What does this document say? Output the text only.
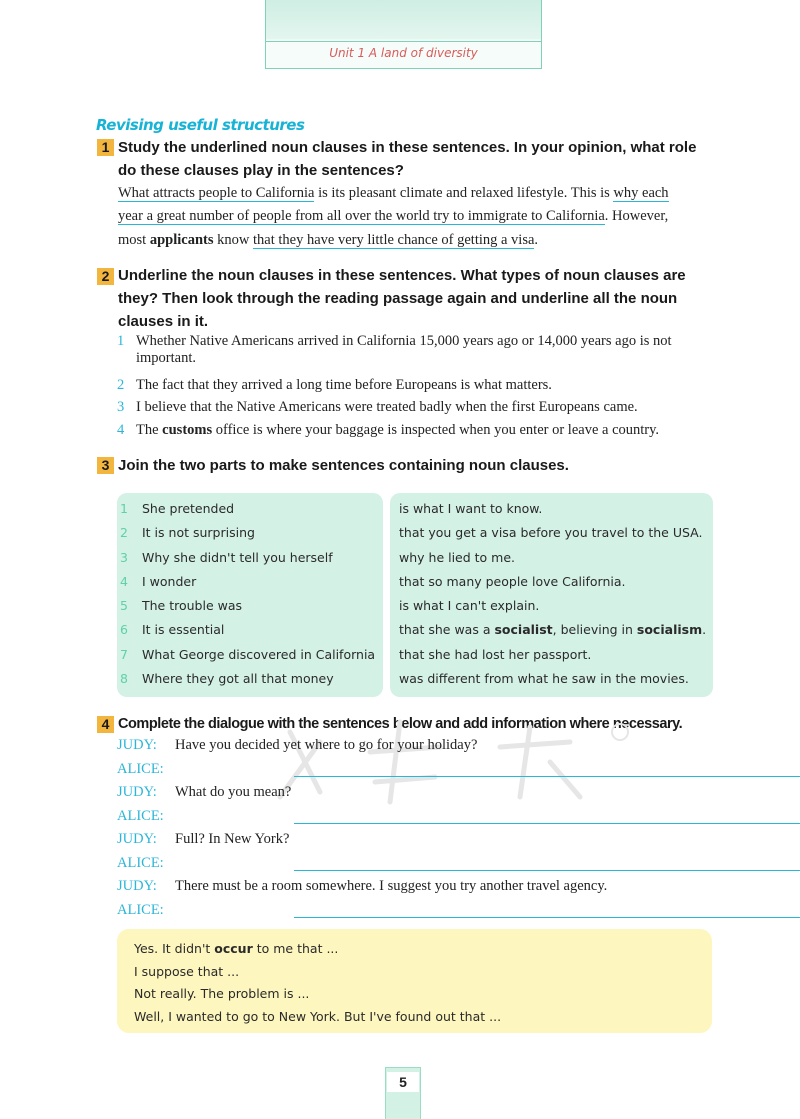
Unit 1 A land of diversity
Revising useful structures
1 Study the underlined noun clauses in these sentences. In your opinion, what role
do these clauses play in the sentences?
What attracts people to California is its pleasant climate and relaxed lifestyle. This is why each
year a great number of people from all over the world try to immigrate to California. However,
most applicants know that they have very little chance of getting a visa.
2 Underline the noun clauses in these sentences. What types of noun clauses are
they? Then look through the reading passage again and underline all the noun
clauses in it.
1 Whether Native Americans arrived in California 15,000 years ago or 14,000 years ago is not
important.
2 The fact that they arrived a long time before Europeans is what matters.
3 I believe that the Native Americans were treated badly when the first Europeans came.
4 The customs office is where your baggage is inspected when you enter or leave a country.
3 Join the two parts to make sentences containing noun clauses.
1 She pretended
2 It is not surprising
3 Why she didn't tell you herself
4 I wonder
5 The trouble was
6 It is essential
7 What George discovered in California
8 Where they got all that money
is what I want to know.
that you get a visa before you travel to the USA.
why he lied to me.
that so many people love California.
is what I can't explain.
that she was a socialist, believing in socialism.
that she had lost her passport.
was different from what he saw in the movies.
4 Complete the dialogue with the sentences below and add information where necessary.
JUDY: Have you decided yet where to go for your holiday?
ALICE:
JUDY: What do you mean?
ALICE:
JUDY: Full? In New York?
ALICE:
JUDY: There must be a room somewhere. I suggest you try another travel agency.
ALICE:
Yes. It didn't occur to me that ...
I suppose that ...
Not really. The problem is ...
Well, I wanted to go to New York. But I've found out that ...
5
